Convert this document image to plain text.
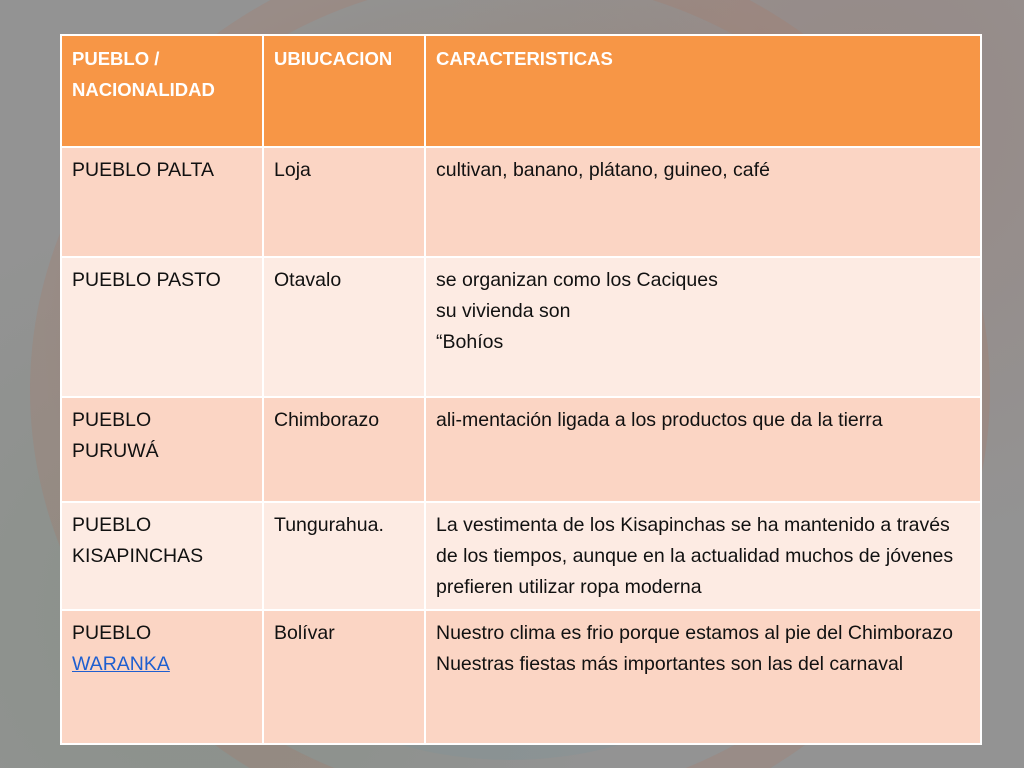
PUEBLO / NACIONALIDAD	UBIUCACION	CARACTERISTICAS
PUEBLO PALTA	Loja	cultivan, banano, plátano, guineo, café
PUEBLO PASTO	Otavalo	se organizan como los Caciques
su vivienda son
“Bohíos
PUEBLO
PURUWÁ	Chimborazo	ali-mentación ligada a los productos que da la tierra
PUEBLO
KISAPINCHAS	Tungurahua.	La vestimenta de los Kisapinchas se ha mantenido a través de los tiempos, aunque en la actualidad muchos de jóvenes prefieren utilizar ropa moderna
PUEBLO
WARANKA	Bolívar	Nuestro clima es frio porque estamos al pie del Chimborazo
Nuestras fiestas más importantes son las del carnaval
